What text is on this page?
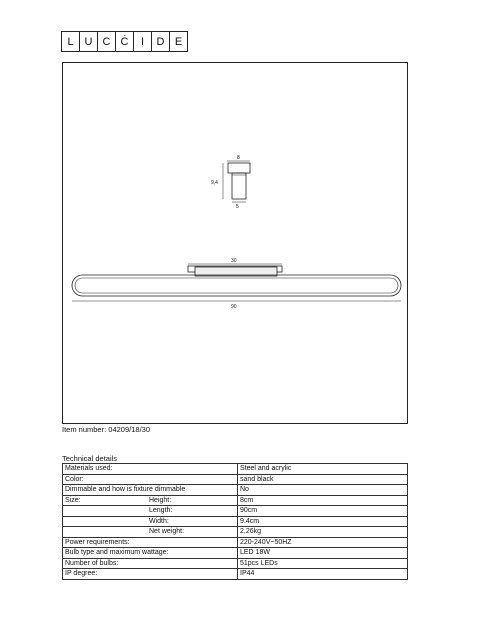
L U C Ċ	I	D E
8
9,4
5
30
90
Item number: 04209/18/30
Technical details
Materials used:	Steel and acrylic
Color:	sand black
Dimmable and how is fixture dimmable	No
Size: Height:	8cm
Length:	90cm
Width:	9.4cm
Net weight:	2.26kg
Power requirements:	220-240V~50HZ
Bulb type and maximum wattage:	LED 18W
Number of bulbs:	51pcs LEDs
IP degree:	IP44
